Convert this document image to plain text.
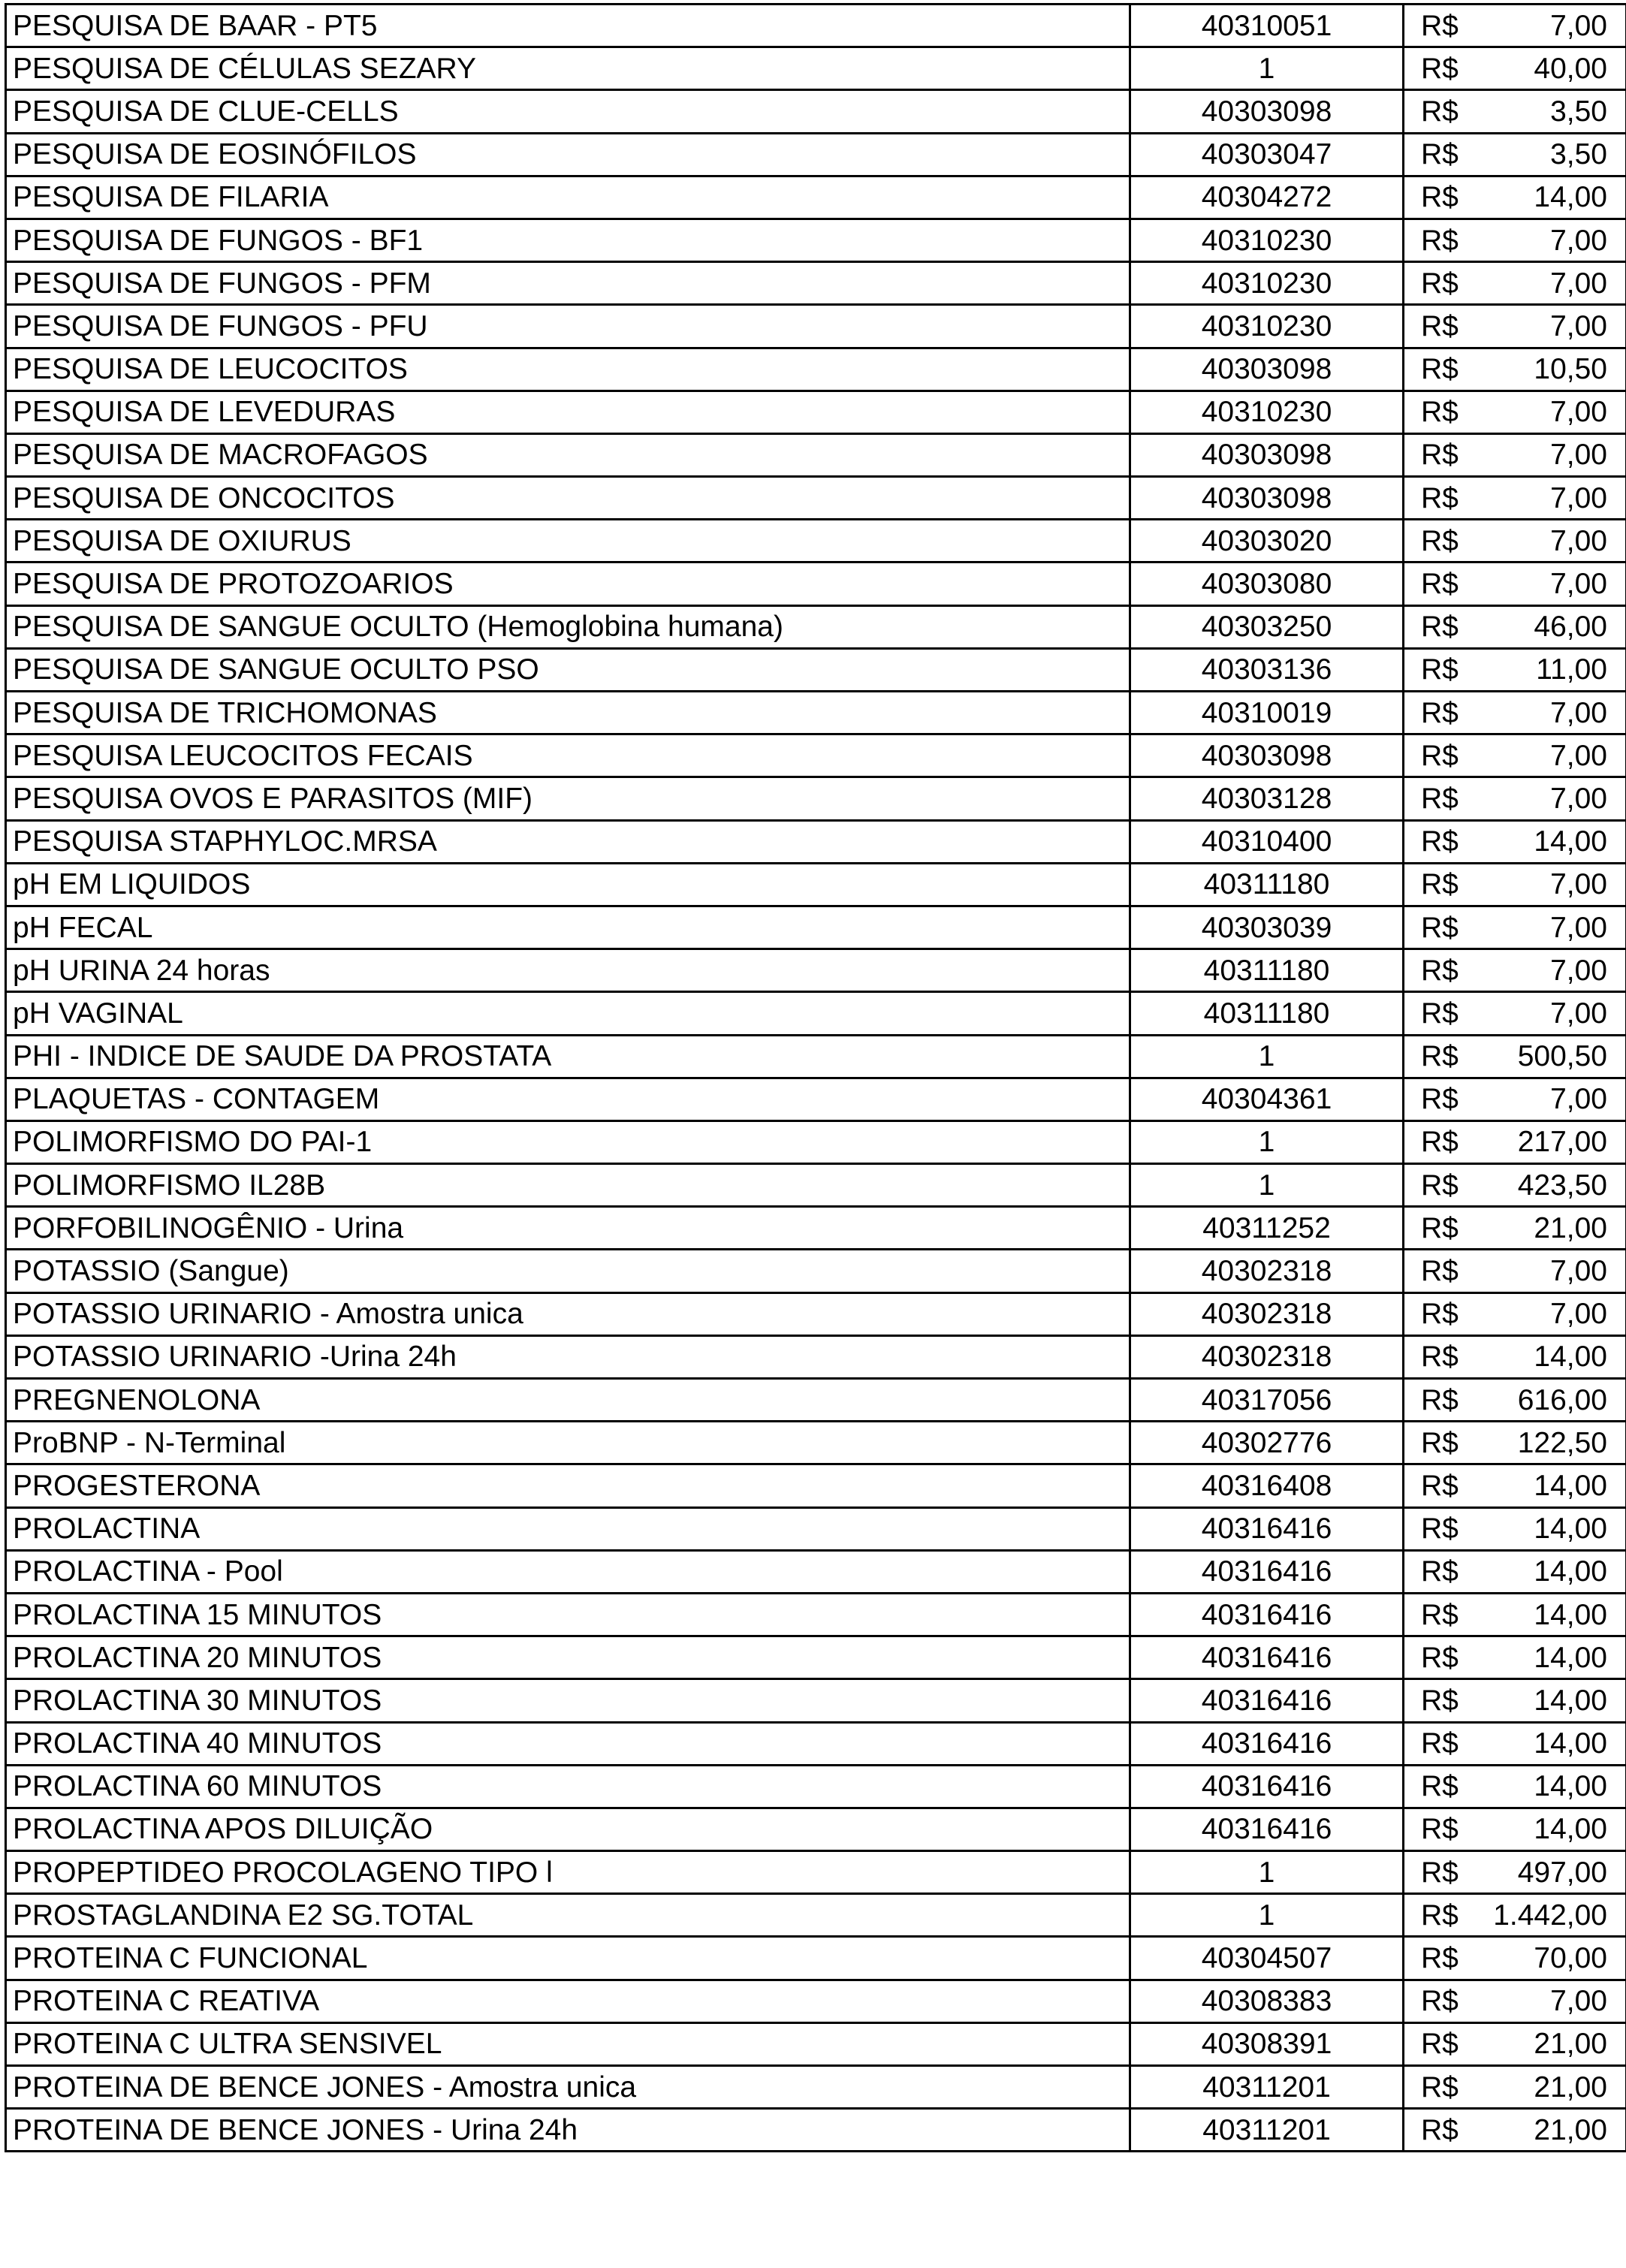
PESQUISA DE BAAR - PT5	40310051	R$	7,00
PESQUISA DE CÉLULAS SEZARY	1	R$	40,00
PESQUISA DE CLUE-CELLS	40303098	R$	3,50
PESQUISA DE EOSINÓFILOS	40303047	R$	3,50
PESQUISA DE FILARIA	40304272	R$	14,00
PESQUISA DE FUNGOS - BF1	40310230	R$	7,00
PESQUISA DE FUNGOS - PFM	40310230	R$	7,00
PESQUISA DE FUNGOS - PFU	40310230	R$	7,00
PESQUISA DE LEUCOCITOS	40303098	R$	10,50
PESQUISA DE LEVEDURAS	40310230	R$	7,00
PESQUISA DE MACROFAGOS	40303098	R$	7,00
PESQUISA DE ONCOCITOS	40303098	R$	7,00
PESQUISA DE OXIURUS	40303020	R$	7,00
PESQUISA DE PROTOZOARIOS	40303080	R$	7,00
PESQUISA DE SANGUE OCULTO (Hemoglobina humana)	40303250	R$	46,00
PESQUISA DE SANGUE OCULTO PSO	40303136	R$	11,00
PESQUISA DE TRICHOMONAS	40310019	R$	7,00
PESQUISA LEUCOCITOS FECAIS	40303098	R$	7,00
PESQUISA OVOS E PARASITOS (MIF)	40303128	R$	7,00
PESQUISA STAPHYLOC.MRSA	40310400	R$	14,00
pH EM LIQUIDOS	40311180	R$	7,00
pH FECAL	40303039	R$	7,00
pH URINA 24 horas	40311180	R$	7,00
pH VAGINAL	40311180	R$	7,00
PHI - INDICE DE SAUDE DA PROSTATA	1	R$	500,50
PLAQUETAS - CONTAGEM	40304361	R$	7,00
POLIMORFISMO DO PAI-1	1	R$	217,00
POLIMORFISMO IL28B	1	R$	423,50
PORFOBILINOGÊNIO - Urina	40311252	R$	21,00
POTASSIO (Sangue)	40302318	R$	7,00
POTASSIO URINARIO - Amostra unica	40302318	R$	7,00
POTASSIO URINARIO -Urina 24h	40302318	R$	14,00
PREGNENOLONA	40317056	R$	616,00
ProBNP - N-Terminal	40302776	R$	122,50
PROGESTERONA	40316408	R$	14,00
PROLACTINA	40316416	R$	14,00
PROLACTINA - Pool	40316416	R$	14,00
PROLACTINA 15 MINUTOS	40316416	R$	14,00
PROLACTINA 20 MINUTOS	40316416	R$	14,00
PROLACTINA 30 MINUTOS	40316416	R$	14,00
PROLACTINA 40 MINUTOS	40316416	R$	14,00
PROLACTINA 60 MINUTOS	40316416	R$	14,00
PROLACTINA APOS DILUIÇÃO	40316416	R$	14,00
PROPEPTIDEO PROCOLAGENO TIPO l	1	R$	497,00
PROSTAGLANDINA E2 SG.TOTAL	1	R$	1.442,00
PROTEINA C FUNCIONAL	40304507	R$	70,00
PROTEINA C REATIVA	40308383	R$	7,00
PROTEINA C ULTRA SENSIVEL	40308391	R$	21,00
PROTEINA DE BENCE JONES - Amostra unica	40311201	R$	21,00
PROTEINA DE BENCE JONES - Urina 24h	40311201	R$	21,00
